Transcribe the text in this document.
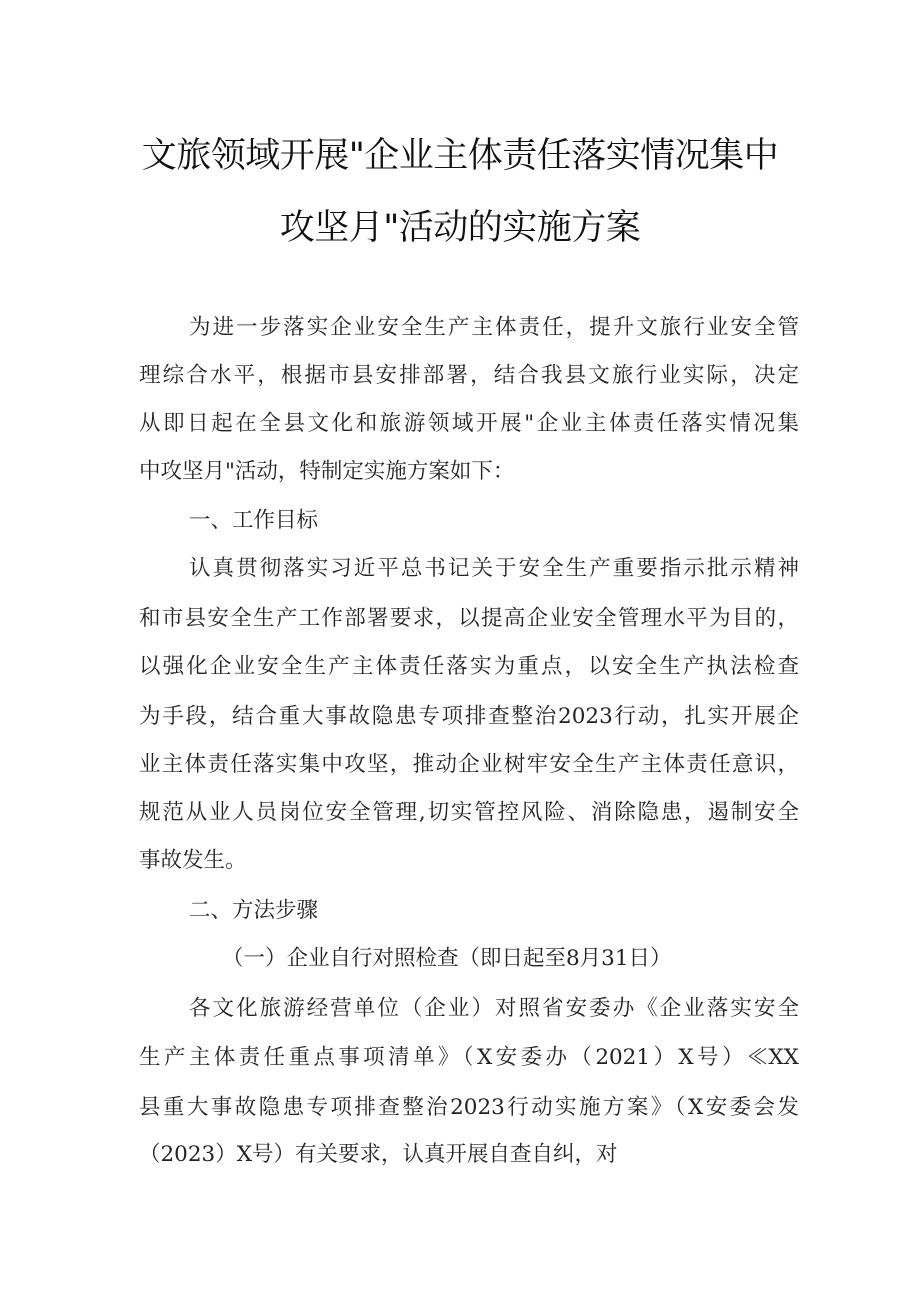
文旅领域开展"企业主体责任落实情况集中
攻坚月"活动的实施方案
为进一步落实企业安全生产主体责任，提升文旅行业安全管
理综合水平，根据市县安排部署，结合我县文旅行业实际，决定
从即日起在全县文化和旅游领域开展"企业主体责任落实情况集
中攻坚月"活动，特制定实施方案如下：
一、工作目标
认真贯彻落实习近平总书记关于安全生产重要指示批示精神
和市县安全生产工作部署要求，以提高企业安全管理水平为目的，
以强化企业安全生产主体责任落实为重点，以安全生产执法检查
为手段，结合重大事故隐患专项排查整治2023行动，扎实开展企
业主体责任落实集中攻坚，推动企业树牢安全生产主体责任意识，
规范从业人员岗位安全管理,切实管控风险、消除隐患，遏制安全
事故发生。
二、方法步骤
（一）企业自行对照检查（即日起至8月31日）
各文化旅游经营单位（企业）对照省安委办《企业落实安全
生产主体责任重点事项清单》（X安委办（2021）X号）≪XX
县重大事故隐患专项排查整治2023行动实施方案》（X安委会发
（2023）X号）有关要求，认真开展自查自纠，对
